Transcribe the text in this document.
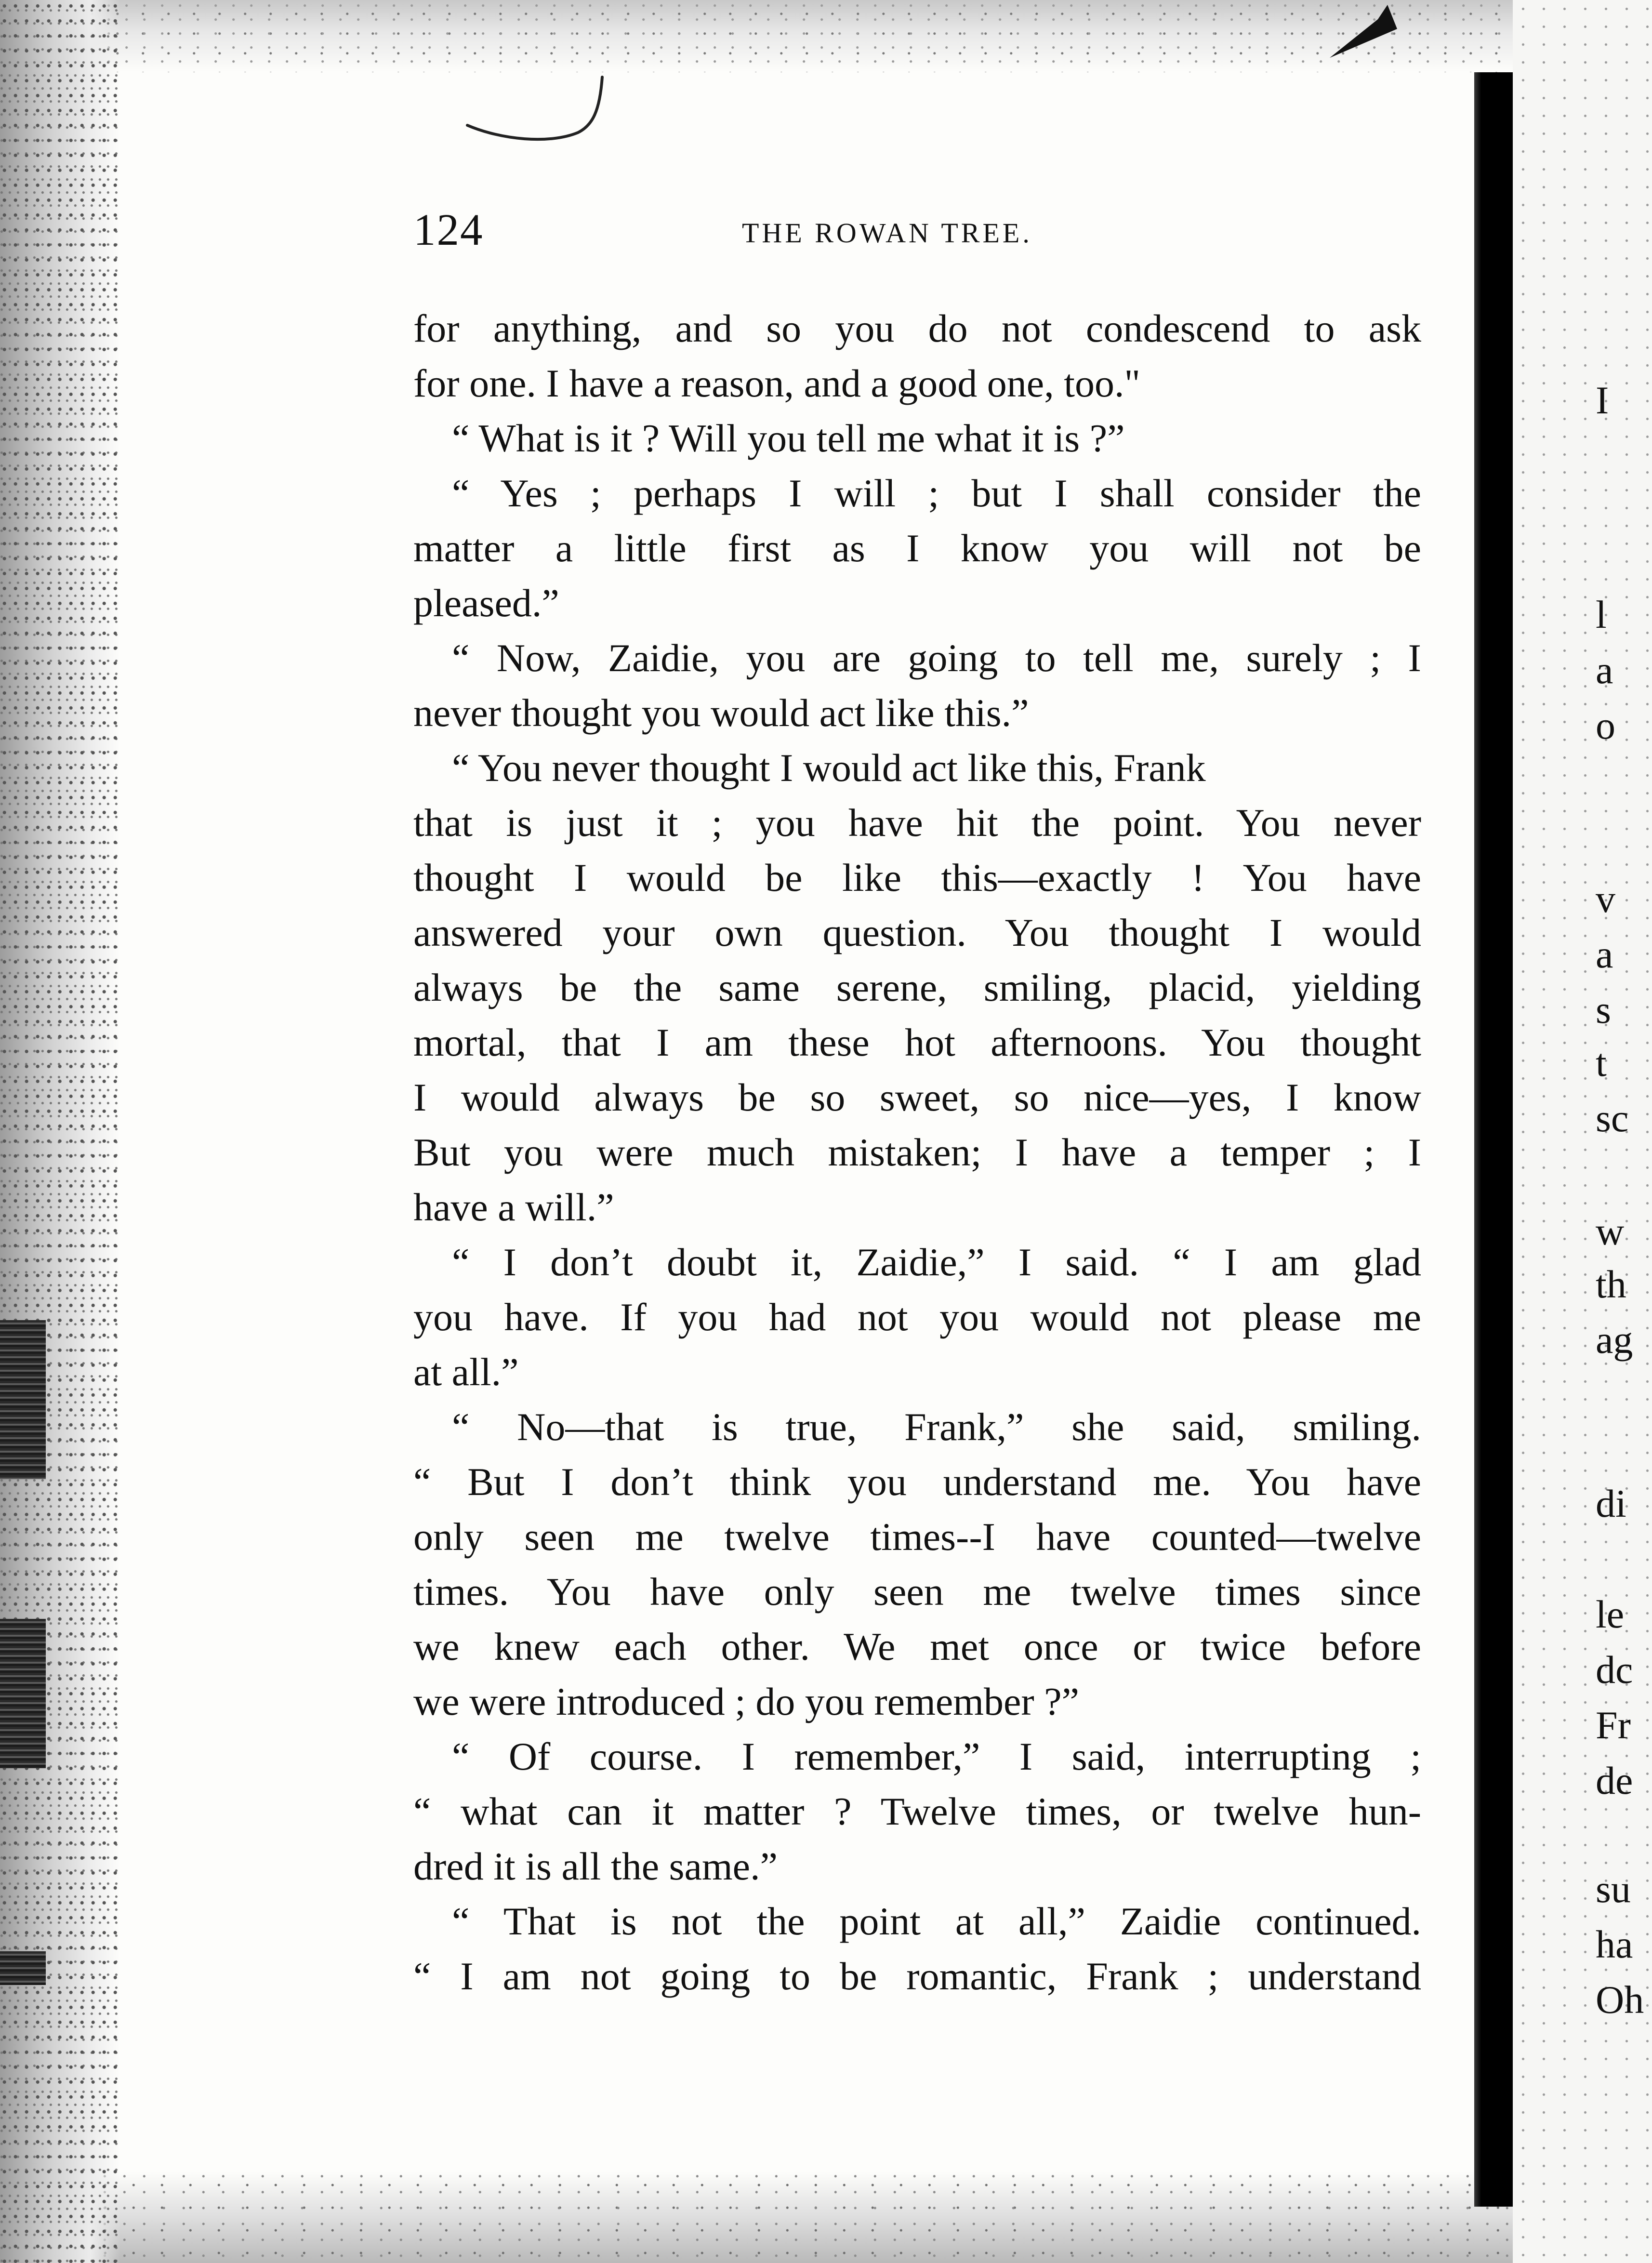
124	THE ROWAN TREE.
for anything, and so you do not condescend to ask
for one. I have a reason, and a good one, too."
“ What is it ? Will you tell me what it is ?”
“ Yes ; perhaps I will ; but I shall consider the
matter a little first as I know you will not be
pleased.”
“ Now, Zaidie, you are going to tell me, surely ; I
never thought you would act like this.”
“ You never thought I would act like this, Frank
that is just it ; you have hit the point. You never
thought I would be like this—exactly ! You have
answered your own question. You thought I would
always be the same serene, smiling, placid, yielding
mortal, that I am these hot afternoons. You thought
I would always be so sweet, so nice—yes, I know
But you were much mistaken; I have a temper ; I
have a will.”
“ I don’t doubt it, Zaidie,” I said. “ I am glad
you have. If you had not you would not please me
at all.”
“ No—that is true, Frank,” she said, smiling.
“ But I don’t think you understand me. You have
only seen me twelve times--I have counted—twelve
times. You have only seen me twelve times since
we knew each other. We met once or twice before
we were introduced ; do you remember ?”
“ Of course. I remember,” I said, interrupting ;
“ what can it matter ? Twelve times, or twelve hun-
dred it is all the same.”
“ That is not the point at all,” Zaidie continued.
“ I am not going to be romantic, Frank ; understand
I
l
a
o
v
a
s
t
sc
w
th
ag
di
le
dc
Fr
de
su
ha
Oh
